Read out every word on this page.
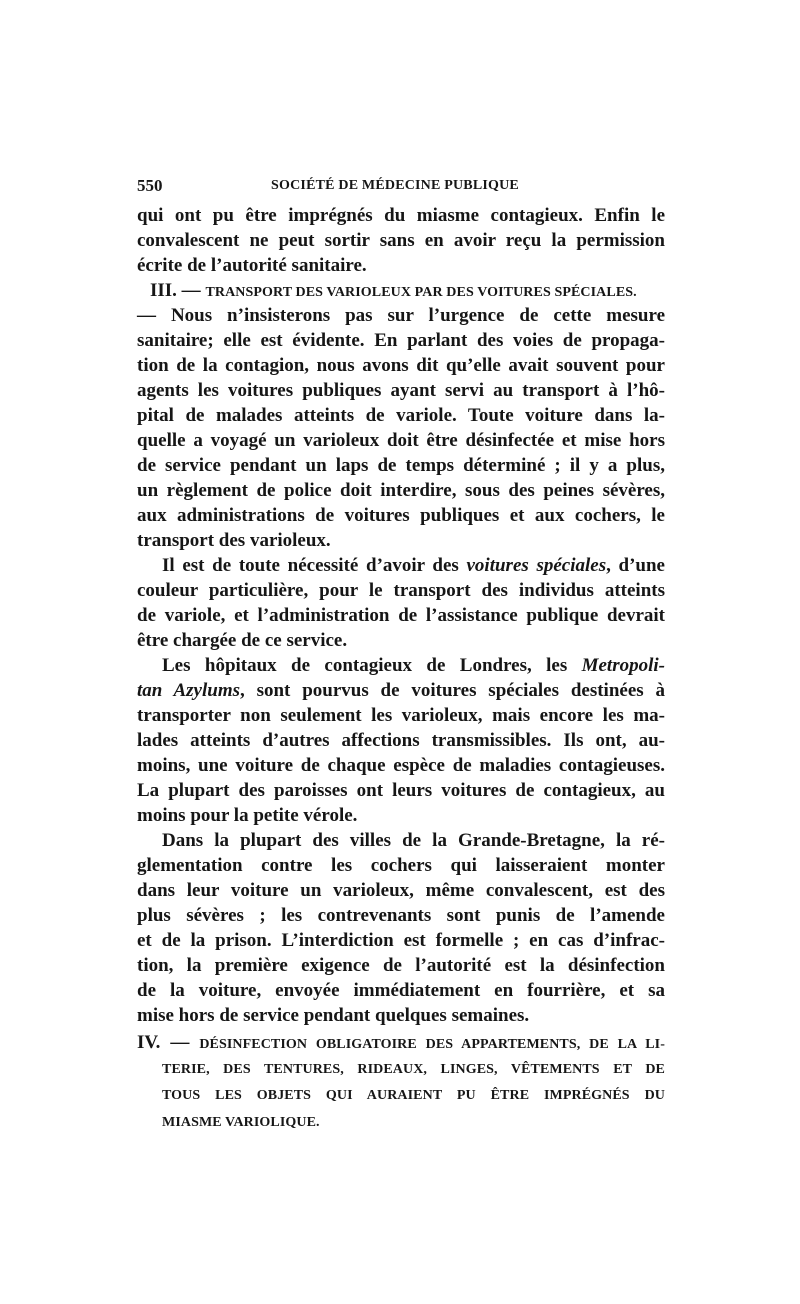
550	SOCIÉTÉ DE MÉDECINE PUBLIQUE
qui ont pu être imprégnés du miasme contagieux. Enfin le
convalescent ne peut sortir sans en avoir reçu la permission
écrite de l’autorité sanitaire.
III. — TRANSPORT DES VARIOLEUX PAR DES VOITURES SPÉCIALES.
— Nous n’insisterons pas sur l’urgence de cette mesure
sanitaire; elle est évidente. En parlant des voies de propaga-
tion de la contagion, nous avons dit qu’elle avait souvent pour
agents les voitures publiques ayant servi au transport à l’hô-
pital de malades atteints de variole. Toute voiture dans la-
quelle a voyagé un varioleux doit être désinfectée et mise hors
de service pendant un laps de temps déterminé ; il y a plus,
un règlement de police doit interdire, sous des peines sévères,
aux administrations de voitures publiques et aux cochers, le
transport des varioleux.
Il est de toute nécessité d’avoir des voitures spéciales, d’une
couleur particulière, pour le transport des individus atteints
de variole, et l’administration de l’assistance publique devrait
être chargée de ce service.
Les hôpitaux de contagieux de Londres, les Metropoli-
tan Azylums, sont pourvus de voitures spéciales destinées à
transporter non seulement les varioleux, mais encore les ma-
lades atteints d’autres affections transmissibles. Ils ont, au-
moins, une voiture de chaque espèce de maladies contagieuses.
La plupart des paroisses ont leurs voitures de contagieux, au
moins pour la petite vérole.
Dans la plupart des villes de la Grande-Bretagne, la ré-
glementation contre les cochers qui laisseraient monter
dans leur voiture un varioleux, même convalescent, est des
plus sévères ; les contrevenants sont punis de l’amende
et de la prison. L’interdiction est formelle ; en cas d’infrac-
tion, la première exigence de l’autorité est la désinfection
de la voiture, envoyée immédiatement en fourrière, et sa
mise hors de service pendant quelques semaines.
IV. — DÉSINFECTION OBLIGATOIRE DES APPARTEMENTS, DE LA LI-
TERIE, DES TENTURES, RIDEAUX, LINGES, VÊTEMENTS ET DE
TOUS LES OBJETS QUI AURAIENT PU ÊTRE IMPRÉGNÉS DU
MIASME VARIOLIQUE.
